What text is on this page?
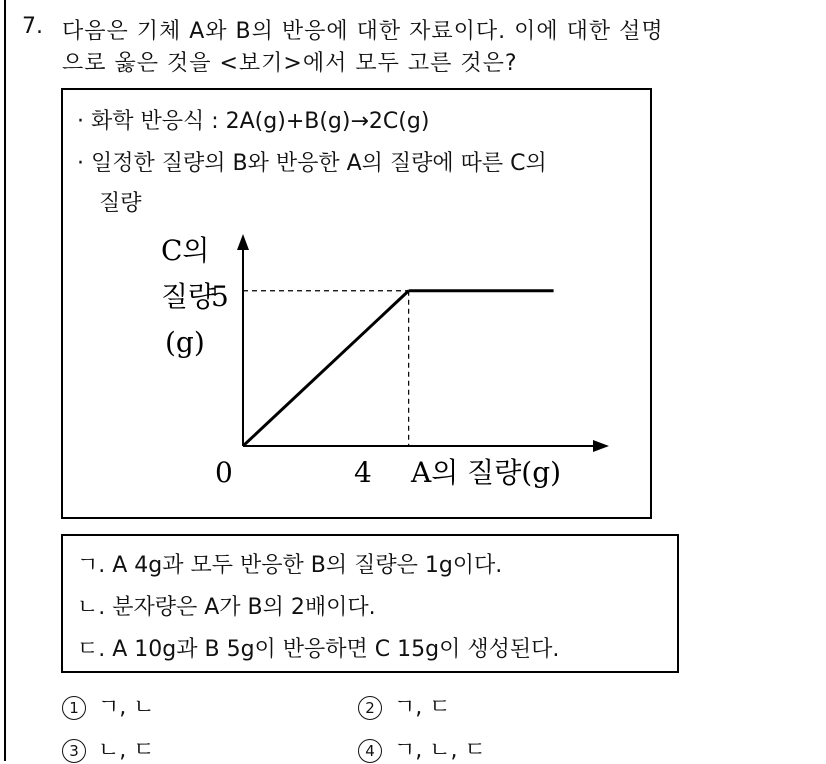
7. 다음은 기체 A와 B의 반응에 대한 자료이다. 이에 대한 설명
으로 옳은 것을 <보기>에서 모두 고른 것은?
· 화학 반응식 : 2A(g)+B(g)→2C(g)
· 일정한 질량의 B와 반응한 A의 질량에 따른 C의
질량
C의
질량
(g)
5
0	4 A의 질량(g)
ㄱ. A 4g과 모두 반응한 B의 질량은 1g이다.
ㄴ. 분자량은 A가 B의 2배이다.
ㄷ. A 10g과 B 5g이 반응하면 C 15g이 생성된다.
1 ㄱ, ㄴ	2 ㄱ, ㄷ
3 ㄴ, ㄷ	4 ㄱ, ㄴ, ㄷ
